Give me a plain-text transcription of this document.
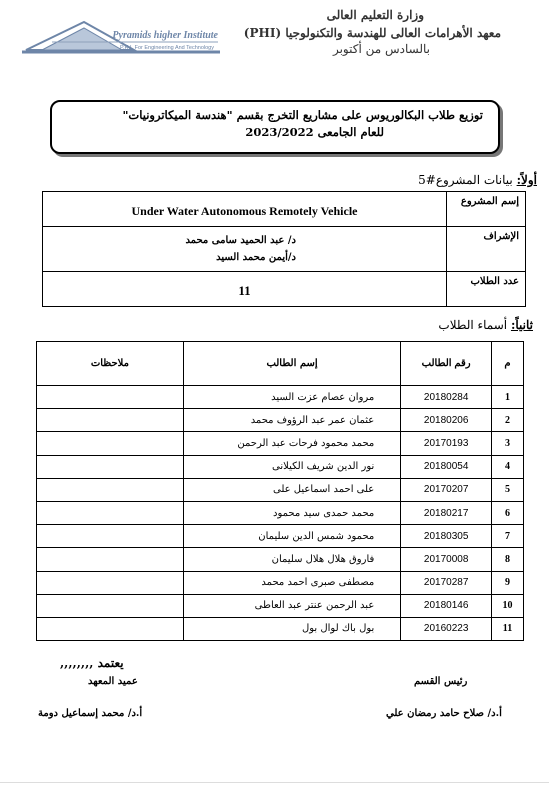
Pyramids higher Institute
P.H.I. For Engineering And Technology
وزارة التعليم العالى
معهد الأهرامات العالى للهندسة والتكنولوجيا (PHI)
بالسادس من أكتوبر
توزيع طلاب البكالوريوس على مشاريع التخرج بقسم "هندسة الميكاترونيات"
للعام الجامعى 2023/2022
أولاً: بيانات المشروع#5
إسم المشروع	Under Water Autonomous Remotely Vehicle
الإشراف	د/ عبد الحميد سامى محمد
د/أيمن محمد السيد

عدد الطلاب	11
ثانياً: أسماء الطلاب
م	رقم الطالب	إسم الطالب	ملاحظات
1	20180284	مروان عصام عزت السيد	
2	20180206	عثمان عمر عبد الرؤوف محمد	
3	20170193	محمد محمود فرحات عبد الرحمن	
4	20180054	نور الدين شريف الكيلانى	
5	20170207	على احمد اسماعيل على	
6	20180217	محمد حمدى سيد محمود	
7	20180305	محمود شمس الدين سليمان	
8	20170008	فاروق هلال هلال سليمان	
9	20170287	مصطفى صبرى احمد محمد	
10	20180146	عبد الرحمن عنتر عبد العاطى	
11	20160223	بول باك لوال بول	
يعتمد ,,,,,,,,
عميد المعهد
أ.د/ محمد إسماعيل دومة
رئيس القسم
أ.د/ صلاح حامد رمضان علي
